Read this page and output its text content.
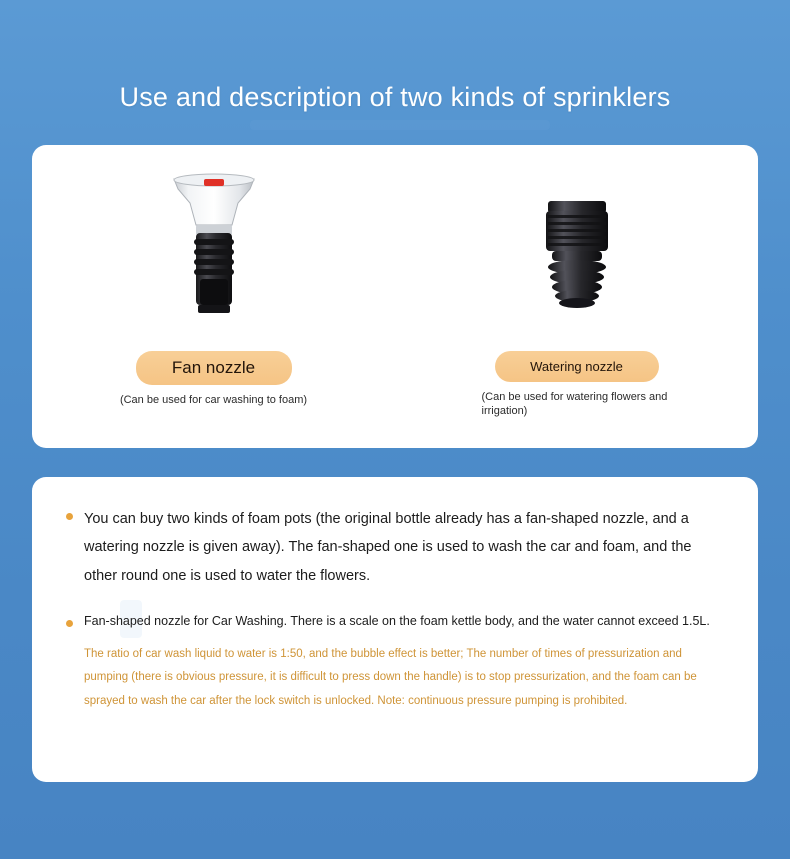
Use and description of two kinds of sprinklers
Fan nozzle
(Can be used for car washing to foam)
Watering nozzle
(Can be used for watering flowers and irrigation)

You can buy two kinds of foam pots (the original bottle already has a fan-shaped nozzle, and a watering nozzle is given away). The fan-shaped one is used to wash the car and foam, and the other round one is used to water the flowers.

Fan-shaped nozzle for Car Washing. There is a scale on the foam kettle body, and the water cannot exceed 1.5L.

The ratio of car wash liquid to water is 1:50, and the bubble effect is better; The number of times of pressurization and pumping (there is obvious pressure, it is difficult to press down the handle) is to stop pressurization, and the foam can be sprayed to wash the car after the lock switch is unlocked. Note: continuous pressure pumping is prohibited.
